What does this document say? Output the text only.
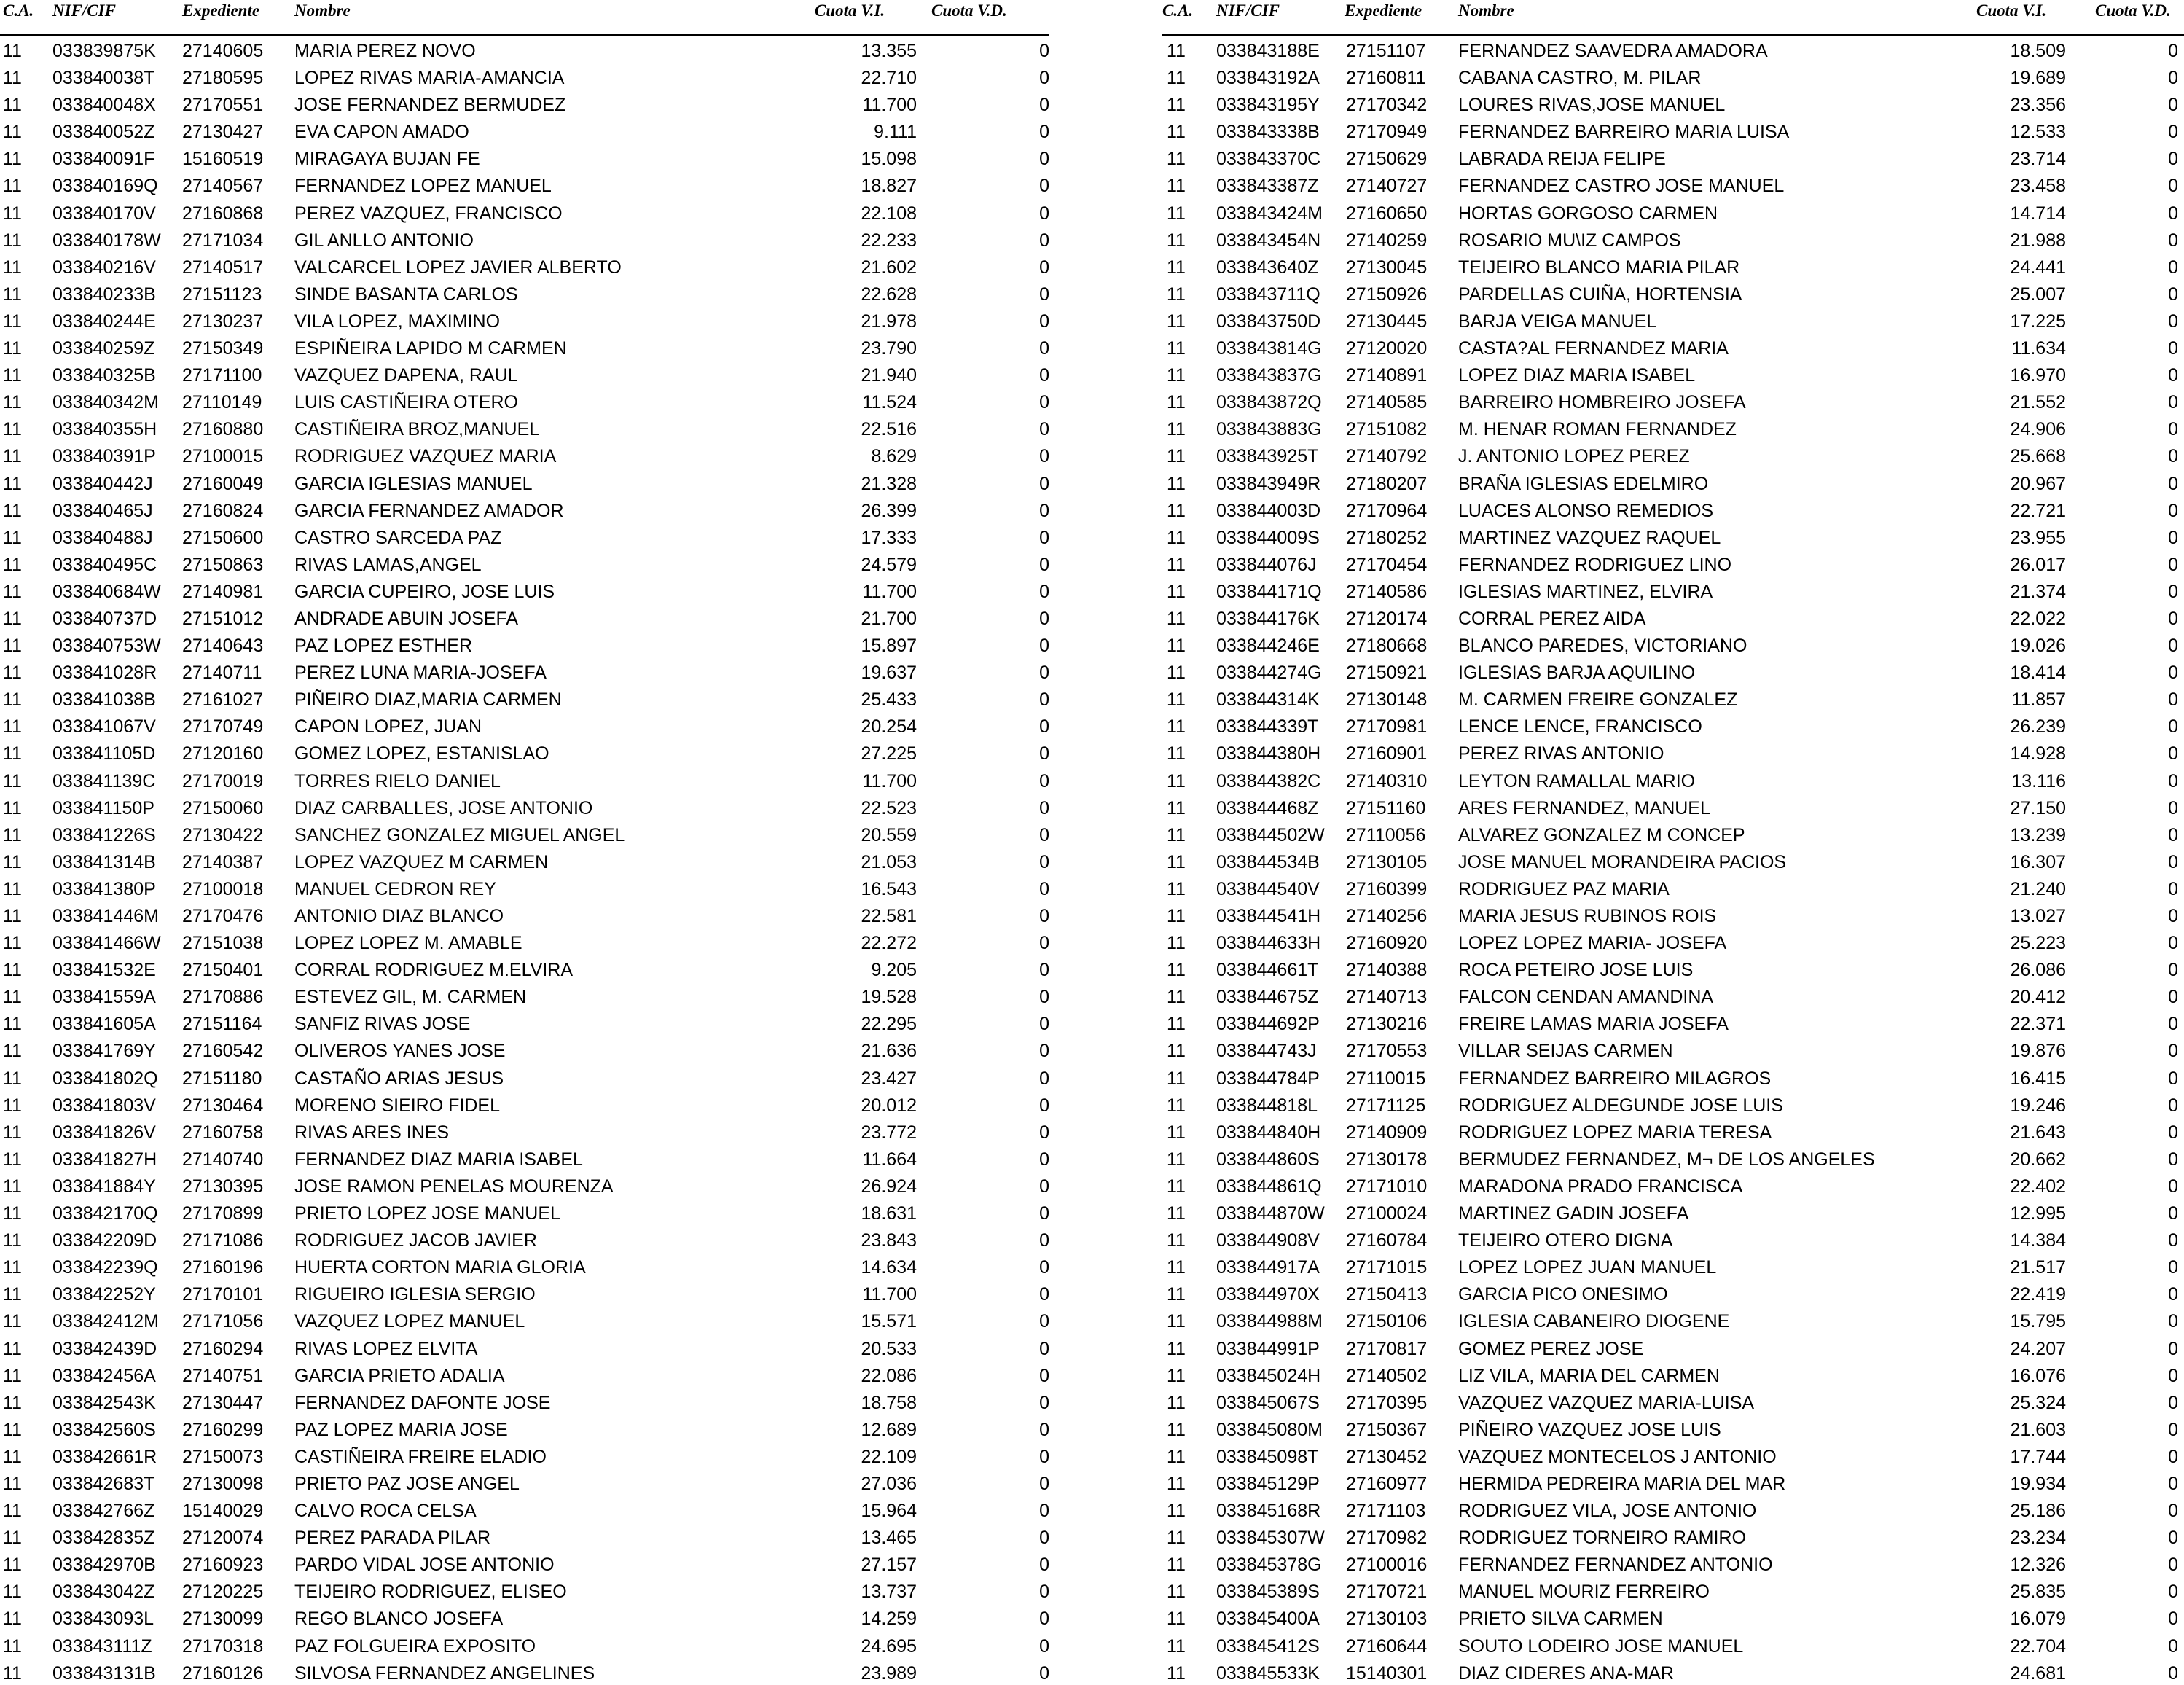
C.A. NIF/CIF	Expediente Nombre	Cuota V.I.	Cuota V.D.
11 033839875K 27140605 MARIA PEREZ NOVO	13.355	0
11 033840038T 27180595 LOPEZ RIVAS MARIA-AMANCIA	22.710	0
11 033840048X 27170551 JOSE FERNANDEZ BERMUDEZ	11.700	0
11 033840052Z 27130427 EVA CAPON AMADO	9.111	0
11 033840091F 15160519 MIRAGAYA BUJAN FE	15.098	0
11 033840169Q 27140567 FERNANDEZ LOPEZ MANUEL	18.827	0
11 033840170V 27160868 PEREZ VAZQUEZ, FRANCISCO	22.108	0
11 033840178W 27171034 GIL ANLLO ANTONIO	22.233	0
11 033840216V 27140517 VALCARCEL LOPEZ JAVIER ALBERTO	21.602	0
11 033840233B 27151123 SINDE BASANTA CARLOS	22.628	0
11 033840244E 27130237 VILA LOPEZ, MAXIMINO	21.978	0
11 033840259Z 27150349 ESPIÑEIRA LAPIDO M CARMEN	23.790	0
11 033840325B 27171100 VAZQUEZ DAPENA, RAUL	21.940	0
11 033840342M 27110149 LUIS CASTIÑEIRA OTERO	11.524	0
11 033840355H 27160880 CASTIÑEIRA BROZ,MANUEL	22.516	0
11 033840391P 27100015 RODRIGUEZ VAZQUEZ MARIA	8.629	0
11 033840442J 27160049 GARCIA IGLESIAS MANUEL	21.328	0
11 033840465J 27160824 GARCIA FERNANDEZ AMADOR	26.399	0
11 033840488J 27150600 CASTRO SARCEDA PAZ	17.333	0
11 033840495C 27150863 RIVAS LAMAS,ANGEL	24.579	0
11 033840684W 27140981 GARCIA CUPEIRO, JOSE LUIS	11.700	0
11 033840737D 27151012 ANDRADE ABUIN JOSEFA	21.700	0
11 033840753W 27140643 PAZ LOPEZ ESTHER	15.897	0
11 033841028R 27140711 PEREZ LUNA MARIA-JOSEFA	19.637	0
11 033841038B 27161027 PIÑEIRO DIAZ,MARIA CARMEN	25.433	0
11 033841067V 27170749 CAPON LOPEZ, JUAN	20.254	0
11 033841105D 27120160 GOMEZ LOPEZ, ESTANISLAO	27.225	0
11 033841139C 27170019 TORRES RIELO DANIEL	11.700	0
11 033841150P 27150060 DIAZ CARBALLES, JOSE ANTONIO	22.523	0
11 033841226S 27130422 SANCHEZ GONZALEZ MIGUEL ANGEL	20.559	0
11 033841314B 27140387 LOPEZ VAZQUEZ M CARMEN	21.053	0
11 033841380P 27100018 MANUEL CEDRON REY	16.543	0
11 033841446M 27170476 ANTONIO DIAZ BLANCO	22.581	0
11 033841466W 27151038 LOPEZ LOPEZ M. AMABLE	22.272	0
11 033841532E 27150401 CORRAL RODRIGUEZ M.ELVIRA	9.205	0
11 033841559A 27170886 ESTEVEZ GIL, M. CARMEN	19.528	0
11 033841605A 27151164 SANFIZ RIVAS JOSE	22.295	0
11 033841769Y 27160542 OLIVEROS YANES JOSE	21.636	0
11 033841802Q 27151180 CASTAÑO ARIAS JESUS	23.427	0
11 033841803V 27130464 MORENO SIEIRO FIDEL	20.012	0
11 033841826V 27160758 RIVAS ARES INES	23.772	0
11 033841827H 27140740 FERNANDEZ DIAZ MARIA ISABEL	11.664	0
11 033841884Y 27130395 JOSE RAMON PENELAS MOURENZA	26.924	0
11 033842170Q 27170899 PRIETO LOPEZ JOSE MANUEL	18.631	0
11 033842209D 27171086 RODRIGUEZ JACOB JAVIER	23.843	0
11 033842239Q 27160196 HUERTA CORTON MARIA GLORIA	14.634	0
11 033842252Y 27170101 RIGUEIRO IGLESIA SERGIO	11.700	0
11 033842412M 27171056 VAZQUEZ LOPEZ MANUEL	15.571	0
11 033842439D 27160294 RIVAS LOPEZ ELVITA	20.533	0
11 033842456A 27140751 GARCIA PRIETO ADALIA	22.086	0
11 033842543K 27130447 FERNANDEZ DAFONTE JOSE	18.758	0
11 033842560S 27160299 PAZ LOPEZ MARIA JOSE	12.689	0
11 033842661R 27150073 CASTIÑEIRA FREIRE ELADIO	22.109	0
11 033842683T 27130098 PRIETO PAZ JOSE ANGEL	27.036	0
11 033842766Z 15140029 CALVO ROCA CELSA	15.964	0
11 033842835Z 27120074 PEREZ PARADA PILAR	13.465	0
11 033842970B 27160923 PARDO VIDAL JOSE ANTONIO	27.157	0
11 033843042Z 27120225 TEIJEIRO RODRIGUEZ, ELISEO	13.737	0
11 033843093L 27130099 REGO BLANCO JOSEFA	14.259	0
11 033843111Z 27170318 PAZ FOLGUEIRA EXPOSITO	24.695	0
11 033843131B 27160126 SILVOSA FERNANDEZ ANGELINES	23.989	0
C.A. NIF/CIF	Expediente Nombre	Cuota V.I.	Cuota V.D.
11 033843188E 27151107 FERNANDEZ SAAVEDRA AMADORA	18.509	0
11 033843192A 27160811 CABANA CASTRO, M. PILAR	19.689	0
11 033843195Y 27170342 LOURES RIVAS,JOSE MANUEL	23.356	0
11 033843338B 27170949 FERNANDEZ BARREIRO MARIA LUISA	12.533	0
11 033843370C 27150629 LABRADA REIJA FELIPE	23.714	0
11 033843387Z 27140727 FERNANDEZ CASTRO JOSE MANUEL	23.458	0
11 033843424M 27160650 HORTAS GORGOSO CARMEN	14.714	0
11 033843454N 27140259 ROSARIO MU\IZ CAMPOS	21.988	0
11 033843640Z 27130045 TEIJEIRO BLANCO MARIA PILAR	24.441	0
11 033843711Q 27150926 PARDELLAS CUIÑA, HORTENSIA	25.007	0
11 033843750D 27130445 BARJA VEIGA MANUEL	17.225	0
11 033843814G 27120020 CASTA?AL FERNANDEZ MARIA	11.634	0
11 033843837G 27140891 LOPEZ DIAZ MARIA ISABEL	16.970	0
11 033843872Q 27140585 BARREIRO HOMBREIRO JOSEFA	21.552	0
11 033843883G 27151082 M. HENAR ROMAN FERNANDEZ	24.906	0
11 033843925T 27140792 J. ANTONIO LOPEZ PEREZ	25.668	0
11 033843949R 27180207 BRAÑA IGLESIAS EDELMIRO	20.967	0
11 033844003D 27170964 LUACES ALONSO REMEDIOS	22.721	0
11 033844009S 27180252 MARTINEZ VAZQUEZ RAQUEL	23.955	0
11 033844076J 27170454 FERNANDEZ RODRIGUEZ LINO	26.017	0
11 033844171Q 27140586 IGLESIAS MARTINEZ, ELVIRA	21.374	0
11 033844176K 27120174 CORRAL PEREZ AIDA	22.022	0
11 033844246E 27180668 BLANCO PAREDES, VICTORIANO	19.026	0
11 033844274G 27150921 IGLESIAS BARJA AQUILINO	18.414	0
11 033844314K 27130148 M. CARMEN FREIRE GONZALEZ	11.857	0
11 033844339T 27170981 LENCE LENCE, FRANCISCO	26.239	0
11 033844380H 27160901 PEREZ RIVAS ANTONIO	14.928	0
11 033844382C 27140310 LEYTON RAMALLAL MARIO	13.116	0
11 033844468Z 27151160 ARES FERNANDEZ, MANUEL	27.150	0
11 033844502W 27110056 ALVAREZ GONZALEZ M CONCEP	13.239	0
11 033844534B 27130105 JOSE MANUEL MORANDEIRA PACIOS	16.307	0
11 033844540V 27160399 RODRIGUEZ PAZ MARIA	21.240	0
11 033844541H 27140256 MARIA JESUS RUBINOS ROIS	13.027	0
11 033844633H 27160920 LOPEZ LOPEZ MARIA- JOSEFA	25.223	0
11 033844661T 27140388 ROCA PETEIRO JOSE LUIS	26.086	0
11 033844675Z 27140713 FALCON CENDAN AMANDINA	20.412	0
11 033844692P 27130216 FREIRE LAMAS MARIA JOSEFA	22.371	0
11 033844743J 27170553 VILLAR SEIJAS CARMEN	19.876	0
11 033844784P 27110015 FERNANDEZ BARREIRO MILAGROS	16.415	0
11 033844818L 27171125 RODRIGUEZ ALDEGUNDE JOSE LUIS	19.246	0
11 033844840H 27140909 RODRIGUEZ LOPEZ MARIA TERESA	21.643	0
11 033844860S 27130178 BERMUDEZ FERNANDEZ, M¬ DE LOS ANGELES	20.662	0
11 033844861Q 27171010 MARADONA PRADO FRANCISCA	22.402	0
11 033844870W 27100024 MARTINEZ GADIN JOSEFA	12.995	0
11 033844908V 27160784 TEIJEIRO OTERO DIGNA	14.384	0
11 033844917A 27171015 LOPEZ LOPEZ JUAN MANUEL	21.517	0
11 033844970X 27150413 GARCIA PICO ONESIMO	22.419	0
11 033844988M 27150106 IGLESIA CABANEIRO DIOGENE	15.795	0
11 033844991P 27170817 GOMEZ PEREZ JOSE	24.207	0
11 033845024H 27140502 LIZ VILA, MARIA DEL CARMEN	16.076	0
11 033845067S 27170395 VAZQUEZ VAZQUEZ MARIA-LUISA	25.324	0
11 033845080M 27150367 PIÑEIRO VAZQUEZ JOSE LUIS	21.603	0
11 033845098T 27130452 VAZQUEZ MONTECELOS J ANTONIO	17.744	0
11 033845129P 27160977 HERMIDA PEDREIRA MARIA DEL MAR	19.934	0
11 033845168R 27171103 RODRIGUEZ VILA, JOSE ANTONIO	25.186	0
11 033845307W 27170982 RODRIGUEZ TORNEIRO RAMIRO	23.234	0
11 033845378G 27100016 FERNANDEZ FERNANDEZ ANTONIO	12.326	0
11 033845389S 27170721 MANUEL MOURIZ FERREIRO	25.835	0
11 033845400A 27130103 PRIETO SILVA CARMEN	16.079	0
11 033845412S 27160644 SOUTO LODEIRO JOSE MANUEL	22.704	0
11 033845533K 15140301 DIAZ CIDERES ANA-MAR	24.681	0
